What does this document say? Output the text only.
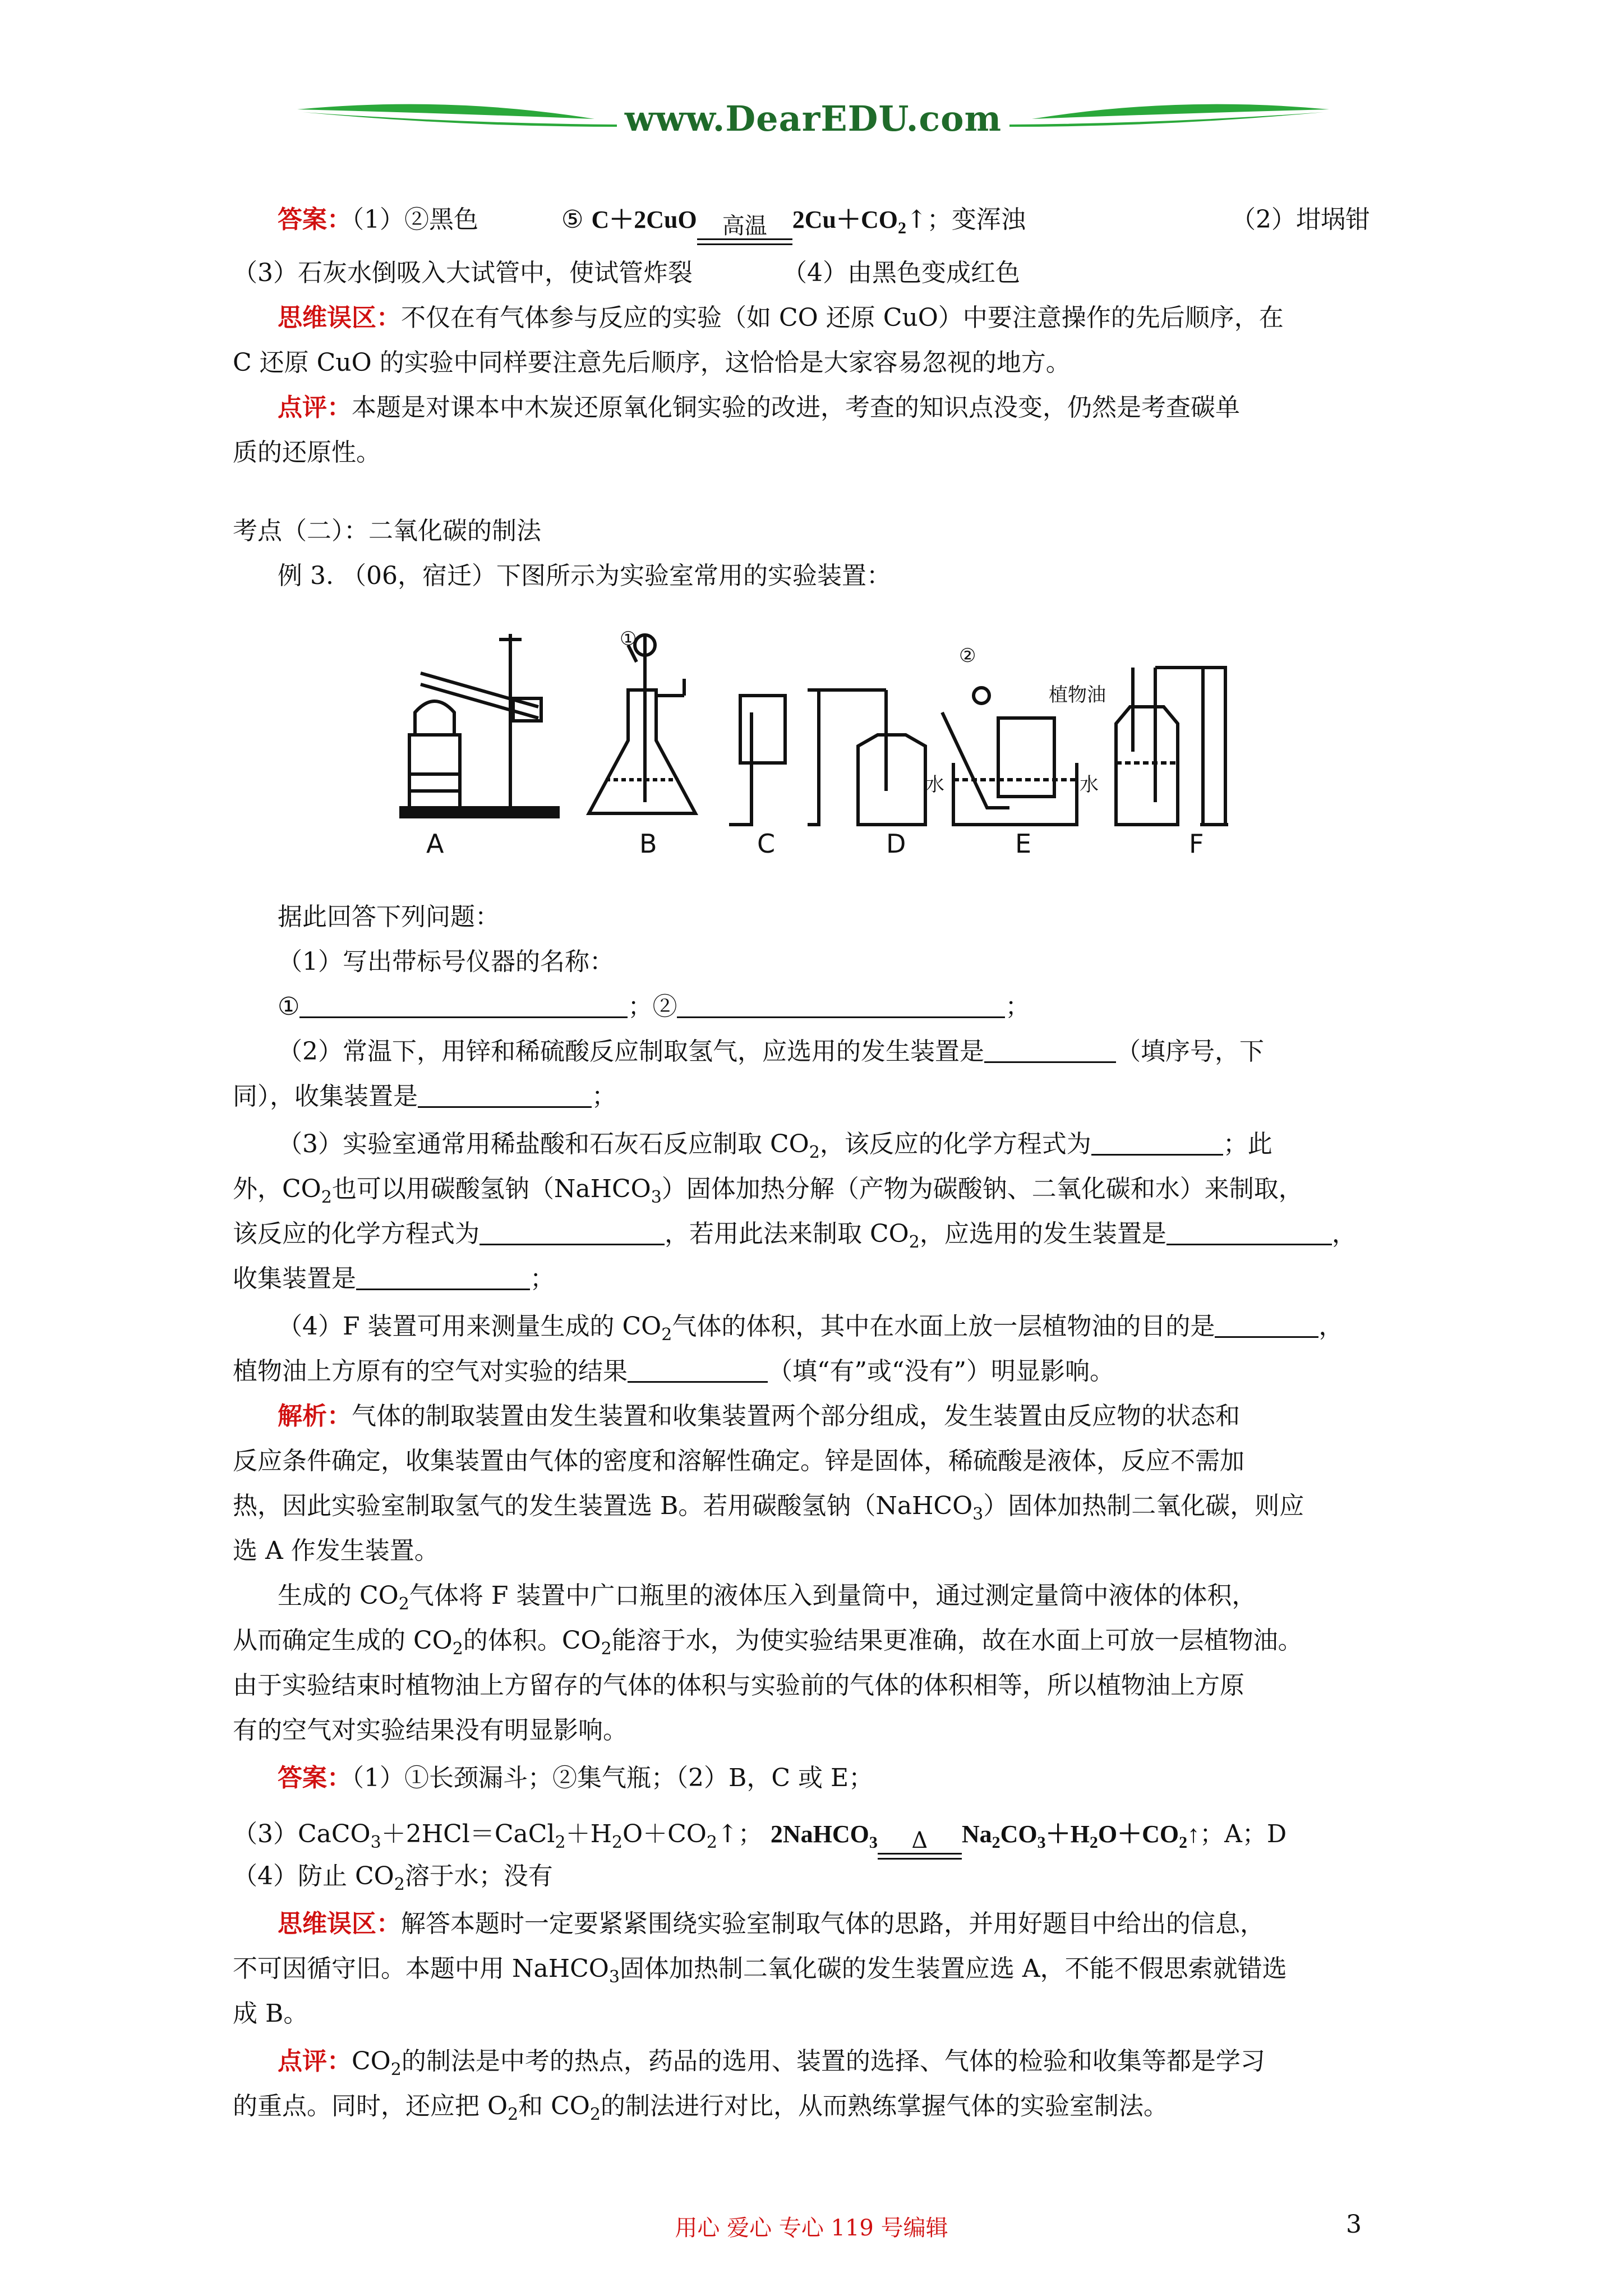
www.DearEDU.com
答案：（1）②黑色	⑤ C＋2CuO	高温	$2Cu+CO_2↑$；变浑浊	（2）坩埚钳
（3）石灰水倒吸入大试管中，使试管炸裂	（4）由黑色变成红色
思维误区：不仅在有气体参与反应的实验（如 CO 还原 CuO）中要注意操作的先后顺序，在
C 还原 CuO 的实验中同样要注意先后顺序，这恰恰是大家容易忽视的地方。
点评：本题是对课本中木炭还原氧化铜实验的改进，考查的知识点没变，仍然是考查碳单
质的还原性。
考点（二）：二氧化碳的制法
例 3. （06，宿迁）下图所示为实验室常用的实验装置：
A	B	C	D	E	F
①
②
植物油
水	水
据此回答下列问题：
（1）写出带标号仪器的名称：
①	；②	；
（2）常温下，用锌和稀硫酸反应制取氢气，应选用的发生装置是	（填序号，下
同），收集装置是	；
（3）实验室通常用稀盐酸和石灰石反应制取 $CO_2$，该反应的化学方程式为	；此
外，$CO_2$也可以用碳酸氢钠（NaHCO$_3$）固体加热分解（产物为碳酸钠、二氧化碳和水）来制取，
该反应的化学方程式为	，若用此法来制取 $CO_2$，应选用的发生装置是	，
收集装置是	；
（4）F 装置可用来测量生成的 $CO_2$气体的体积，其中在水面上放一层植物油的目的是	，
植物油上方原有的空气对实验的结果	（填“有”或“没有”）明显影响。
解析：气体的制取装置由发生装置和收集装置两个部分组成，发生装置由反应物的状态和
反应条件确定，收集装置由气体的密度和溶解性确定。锌是固体，稀硫酸是液体，反应不需加
热，因此实验室制取氢气的发生装置选 B。若用碳酸氢钠（NaHCO$_3$）固体加热制二氧化碳，则应
选 A 作发生装置。
生成的 $CO_2$气体将 F 装置中广口瓶里的液体压入到量筒中，通过测定量筒中液体的体积，
从而确定生成的 $CO_2$的体积。$CO_2$能溶于水，为使实验结果更准确，故在水面上可放一层植物油。
由于实验结束时植物油上方留存的气体的体积与实验前的气体的体积相等，所以植物油上方原
有的空气对实验结果没有明显影响。
答案：（1）①长颈漏斗；②集气瓶；（2）B，C 或 E；
$(3)CaCO_3+2HCl=CaCl_2+H_2O+CO_2↑$； 2NaHCO$_3$	Δ	$Na_2CO_3+H_2O+CO_2↑$；A；D
（4）防止 $CO_2$溶于水；没有
思维误区：解答本题时一定要紧紧围绕实验室制取气体的思路，并用好题目中给出的信息，
不可因循守旧。本题中用 NaHCO$_3$固体加热制二氧化碳的发生装置应选 A，不能不假思索就错选
成 B。
点评：$CO_2$的制法是中考的热点，药品的选用、装置的选择、气体的检验和收集等都是学习
的重点。同时，还应把 $O_2$和 $CO_2$的制法进行对比，从而熟练掌握气体的实验室制法。
用心 爱心 专心 119 号编辑	3
